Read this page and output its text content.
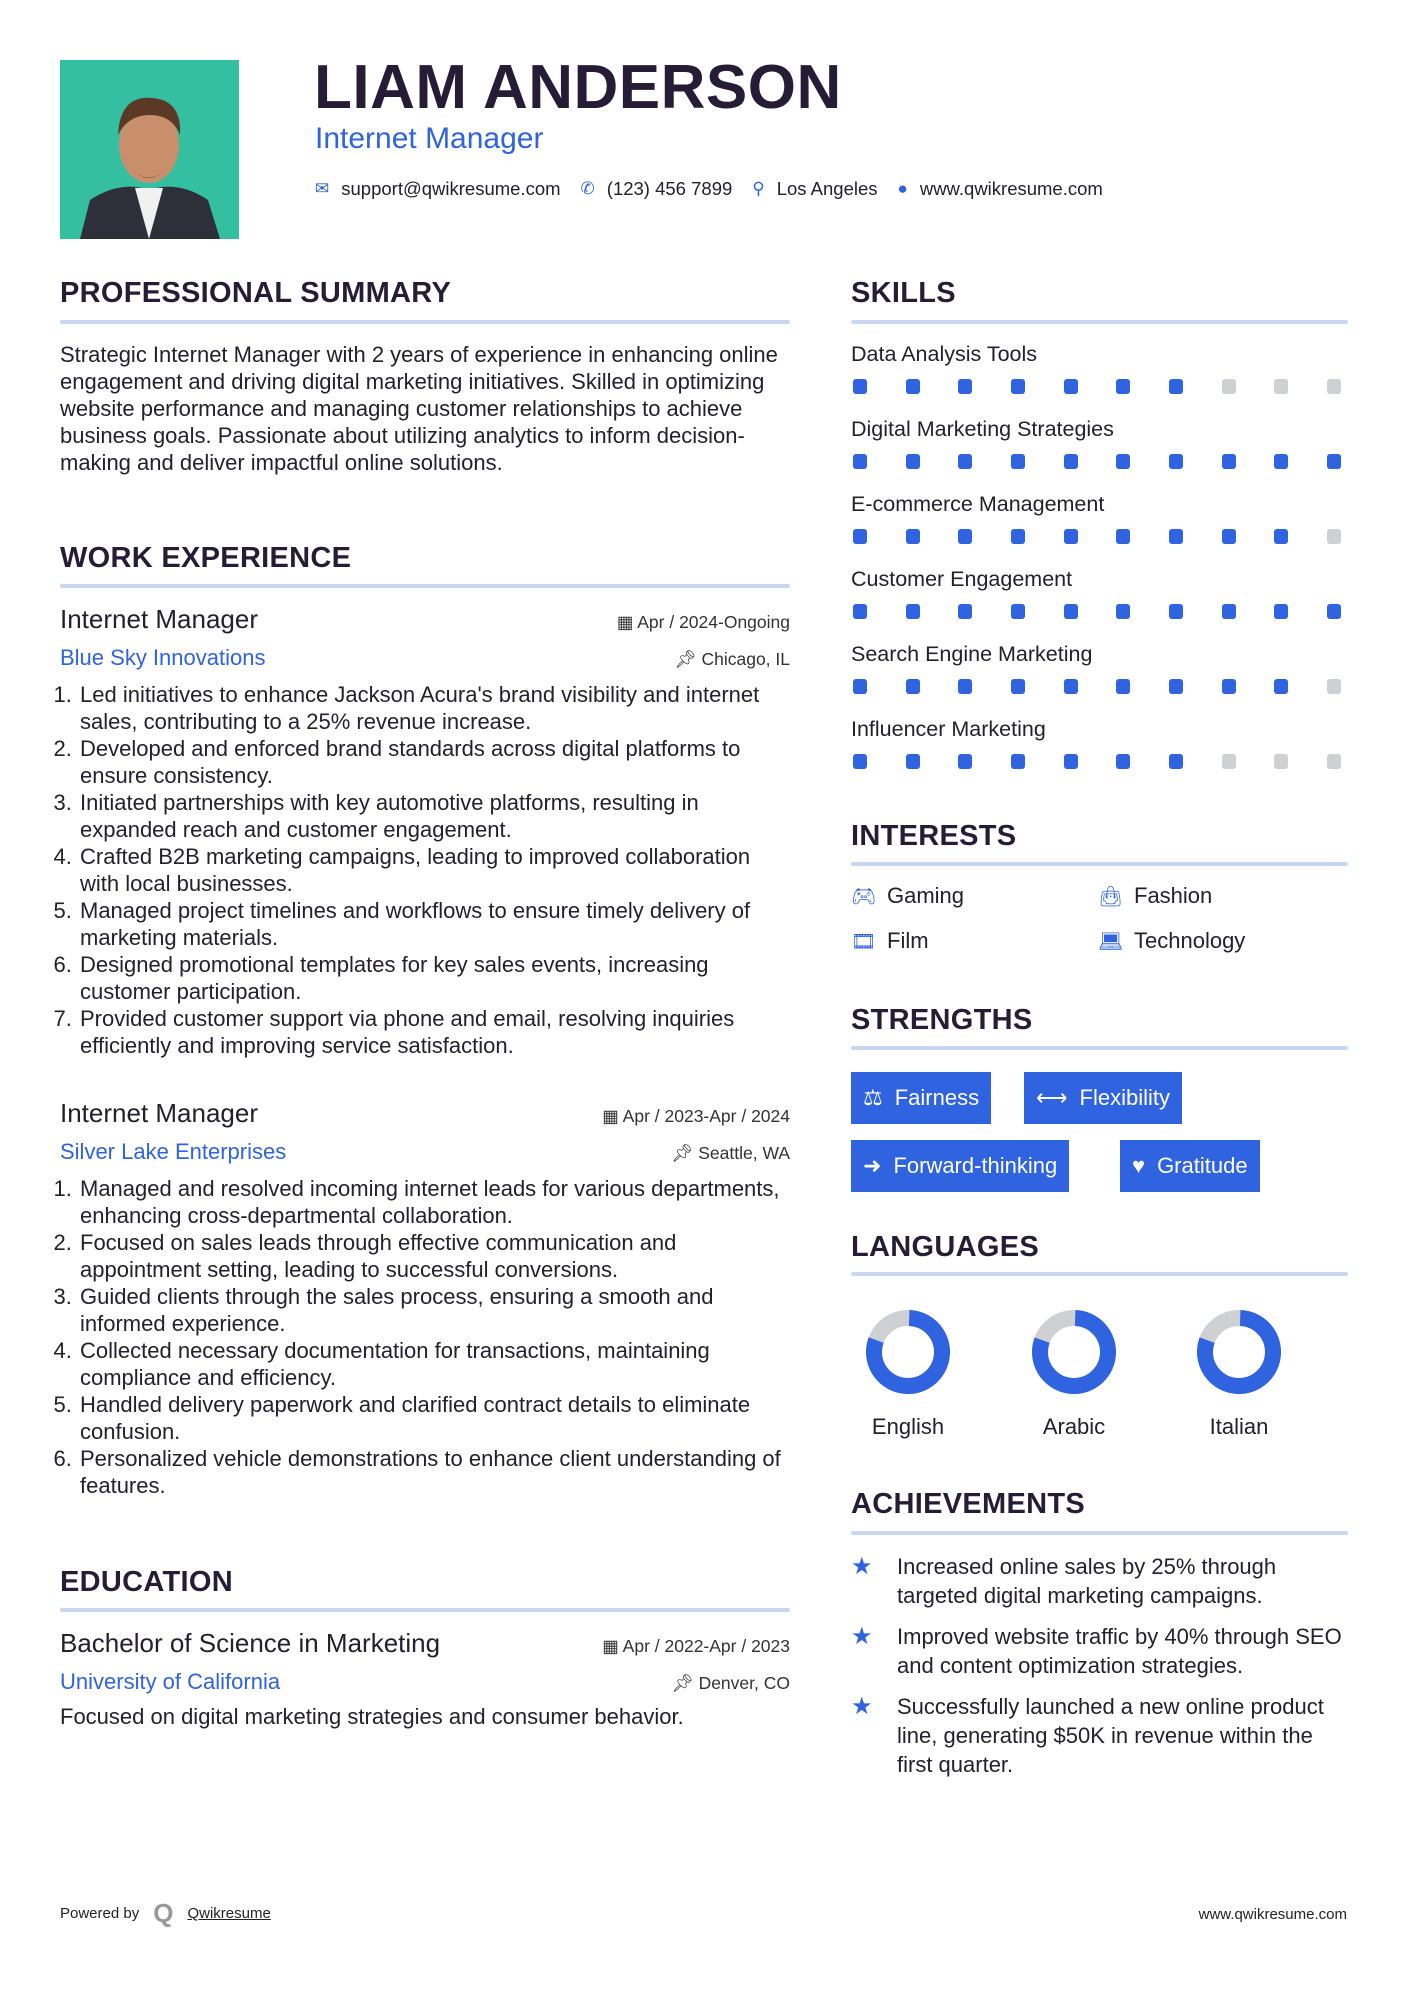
LIAM ANDERSON
Internet Manager
✉ support@qwikresume.com ✆ (123) 456 7899 ⚲ Los Angeles ● www.qwikresume.com
PROFESSIONAL SUMMARY
Strategic Internet Manager with 2 years of experience in enhancing online engagement and driving digital marketing initiatives. Skilled in optimizing website performance and managing customer relationships to achieve business goals. Passionate about utilizing analytics to inform decision-making and deliver impactful online solutions.
WORK EXPERIENCE
Internet Manager	▦ Apr / 2024-Ongoing
Blue Sky Innovations	📌︎ Chicago, IL
1. Led initiatives to enhance Jackson Acura's brand visibility and internet sales, contributing to a 25% revenue increase.
2. Developed and enforced brand standards across digital platforms to ensure consistency.
3. Initiated partnerships with key automotive platforms, resulting in expanded reach and customer engagement.
4. Crafted B2B marketing campaigns, leading to improved collaboration with local businesses.
5. Managed project timelines and workflows to ensure timely delivery of marketing materials.
6. Designed promotional templates for key sales events, increasing customer participation.
7. Provided customer support via phone and email, resolving inquiries efficiently and improving service satisfaction.
Internet Manager	▦ Apr / 2023-Apr / 2024
Silver Lake Enterprises	📌︎ Seattle, WA
1. Managed and resolved incoming internet leads for various departments, enhancing cross-departmental collaboration.
2. Focused on sales leads through effective communication and appointment setting, leading to successful conversions.
3. Guided clients through the sales process, ensuring a smooth and informed experience.
4. Collected necessary documentation for transactions, maintaining compliance and efficiency.
5. Handled delivery paperwork and clarified contract details to eliminate confusion.
6. Personalized vehicle demonstrations to enhance client understanding of features.
EDUCATION
Bachelor of Science in Marketing	▦ Apr / 2022-Apr / 2023
University of California	📌︎ Denver, CO
Focused on digital marketing strategies and consumer behavior.
SKILLS
Data Analysis Tools
Digital Marketing Strategies
E-commerce Management
Customer Engagement
Search Engine Marketing
Influencer Marketing
INTERESTS
🎮︎ Gaming	👜︎ Fashion
🎞︎ Film	💻︎ Technology
STRENGTHS
⚖ Fairness	⟷ Flexibility
➜ Forward-thinking	♥ Gratitude
LANGUAGES
English	Arabic	Italian
ACHIEVEMENTS
★	Increased online sales by 25% through targeted digital marketing campaigns.
★	Improved website traffic by 40% through SEO and content optimization strategies.
★	Successfully launched a new online product line, generating $50K in revenue within the first quarter.
Powered by Q Qwikresume	www.qwikresume.com
